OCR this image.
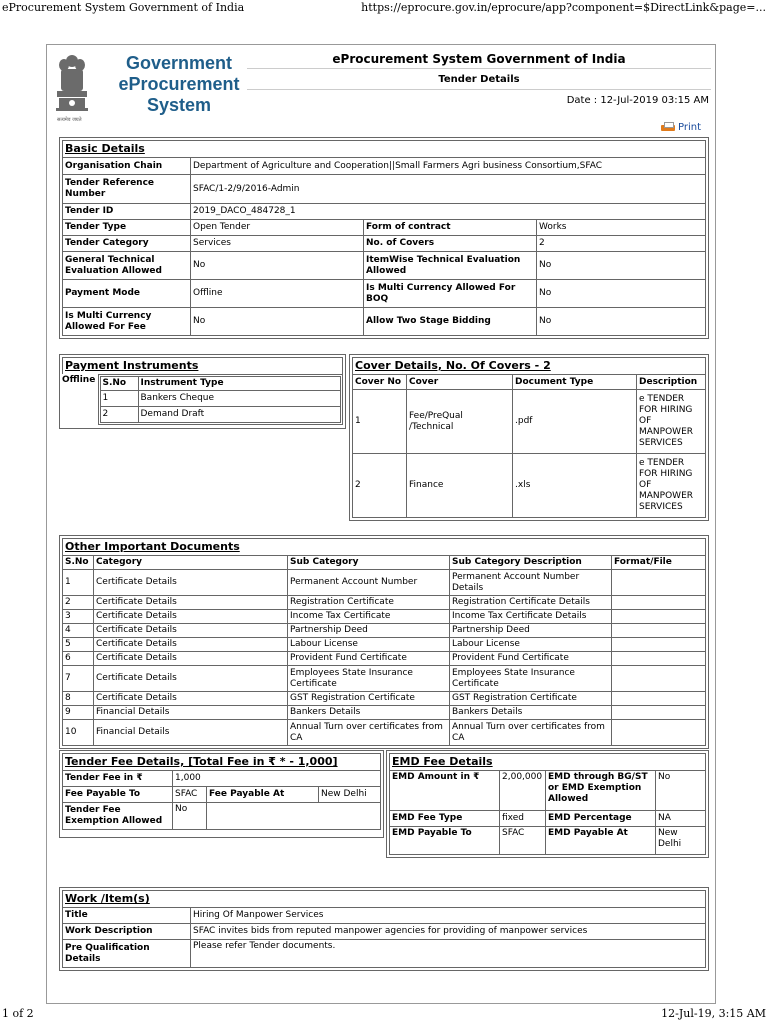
eProcurement System Government of India	https://eprocure.gov.in/eprocure/app?component=$DirectLink&page=...
सत्यमेव जयते
Government
eProcurement
System
eProcurement System Government of India
Tender Details
Date : 12-Jul-2019 03:15 AM
Print
Basic Details
Organisation Chain	Department of Agriculture and Cooperation||Small Farmers Agri business Consortium,SFAC		
Tender Reference Number	SFAC/1-2/9/2016-Admin		
Tender ID	2019_DACO_484728_1		
Tender Type	Open Tender	Form of contract	Works
Tender Category	Services	No. of Covers	2
General Technical Evaluation Allowed	No	ItemWise Technical Evaluation Allowed	No
Payment Mode	Offline	Is Multi Currency Allowed For BOQ	No
Is Multi Currency Allowed For Fee	No	Allow Two Stage Bidding	No
Payment Instruments
Offline	S.No	Instrument Type
1	Bankers Cheque
2	Demand Draft
Cover Details, No. Of Covers - 2
Cover No	Cover	Document Type	Description
1	Fee/PreQual /Technical	.pdf	e TENDER FOR HIRING OF MANPOWER SERVICES
2	Finance	.xls	e TENDER FOR HIRING OF MANPOWER SERVICES
Other Important Documents
S.No	Category	Sub Category	Sub Category Description	Format/File
1	Certificate Details	Permanent Account Number	Permanent Account Number Details	
2	Certificate Details	Registration Certificate	Registration Certificate Details	
3	Certificate Details	Income Tax Certificate	Income Tax Certificate Details	
4	Certificate Details	Partnership Deed	Partnership Deed	
5	Certificate Details	Labour License	Labour License	
6	Certificate Details	Provident Fund Certificate	Provident Fund Certificate	
7	Certificate Details	Employees State Insurance Certificate	Employees State Insurance Certificate	
8	Certificate Details	GST Registration Certificate	GST Registration Certificate	
9	Financial Details	Bankers Details	Bankers Details	
10	Financial Details	Annual Turn over certificates from CA	Annual Turn over certificates from CA	
Tender Fee Details, [Total Fee in ₹ * - 1,000]
Tender Fee in ₹	1,000		
Fee Payable To	SFAC	Fee Payable At	New Delhi
Tender Fee Exemption Allowed	No		
EMD Fee Details
EMD Amount in ₹	2,00,000	EMD through BG/ST or EMD Exemption Allowed	No
EMD Fee Type	fixed	EMD Percentage	NA
EMD Payable To	SFAC	EMD Payable At	New Delhi
Work /Item(s)
Title	Hiring Of Manpower Services
Work Description	SFAC invites bids from reputed manpower agencies for providing of manpower services
Pre Qualification Details	Please refer Tender documents.
1 of 2	12-Jul-19, 3:15 AM
